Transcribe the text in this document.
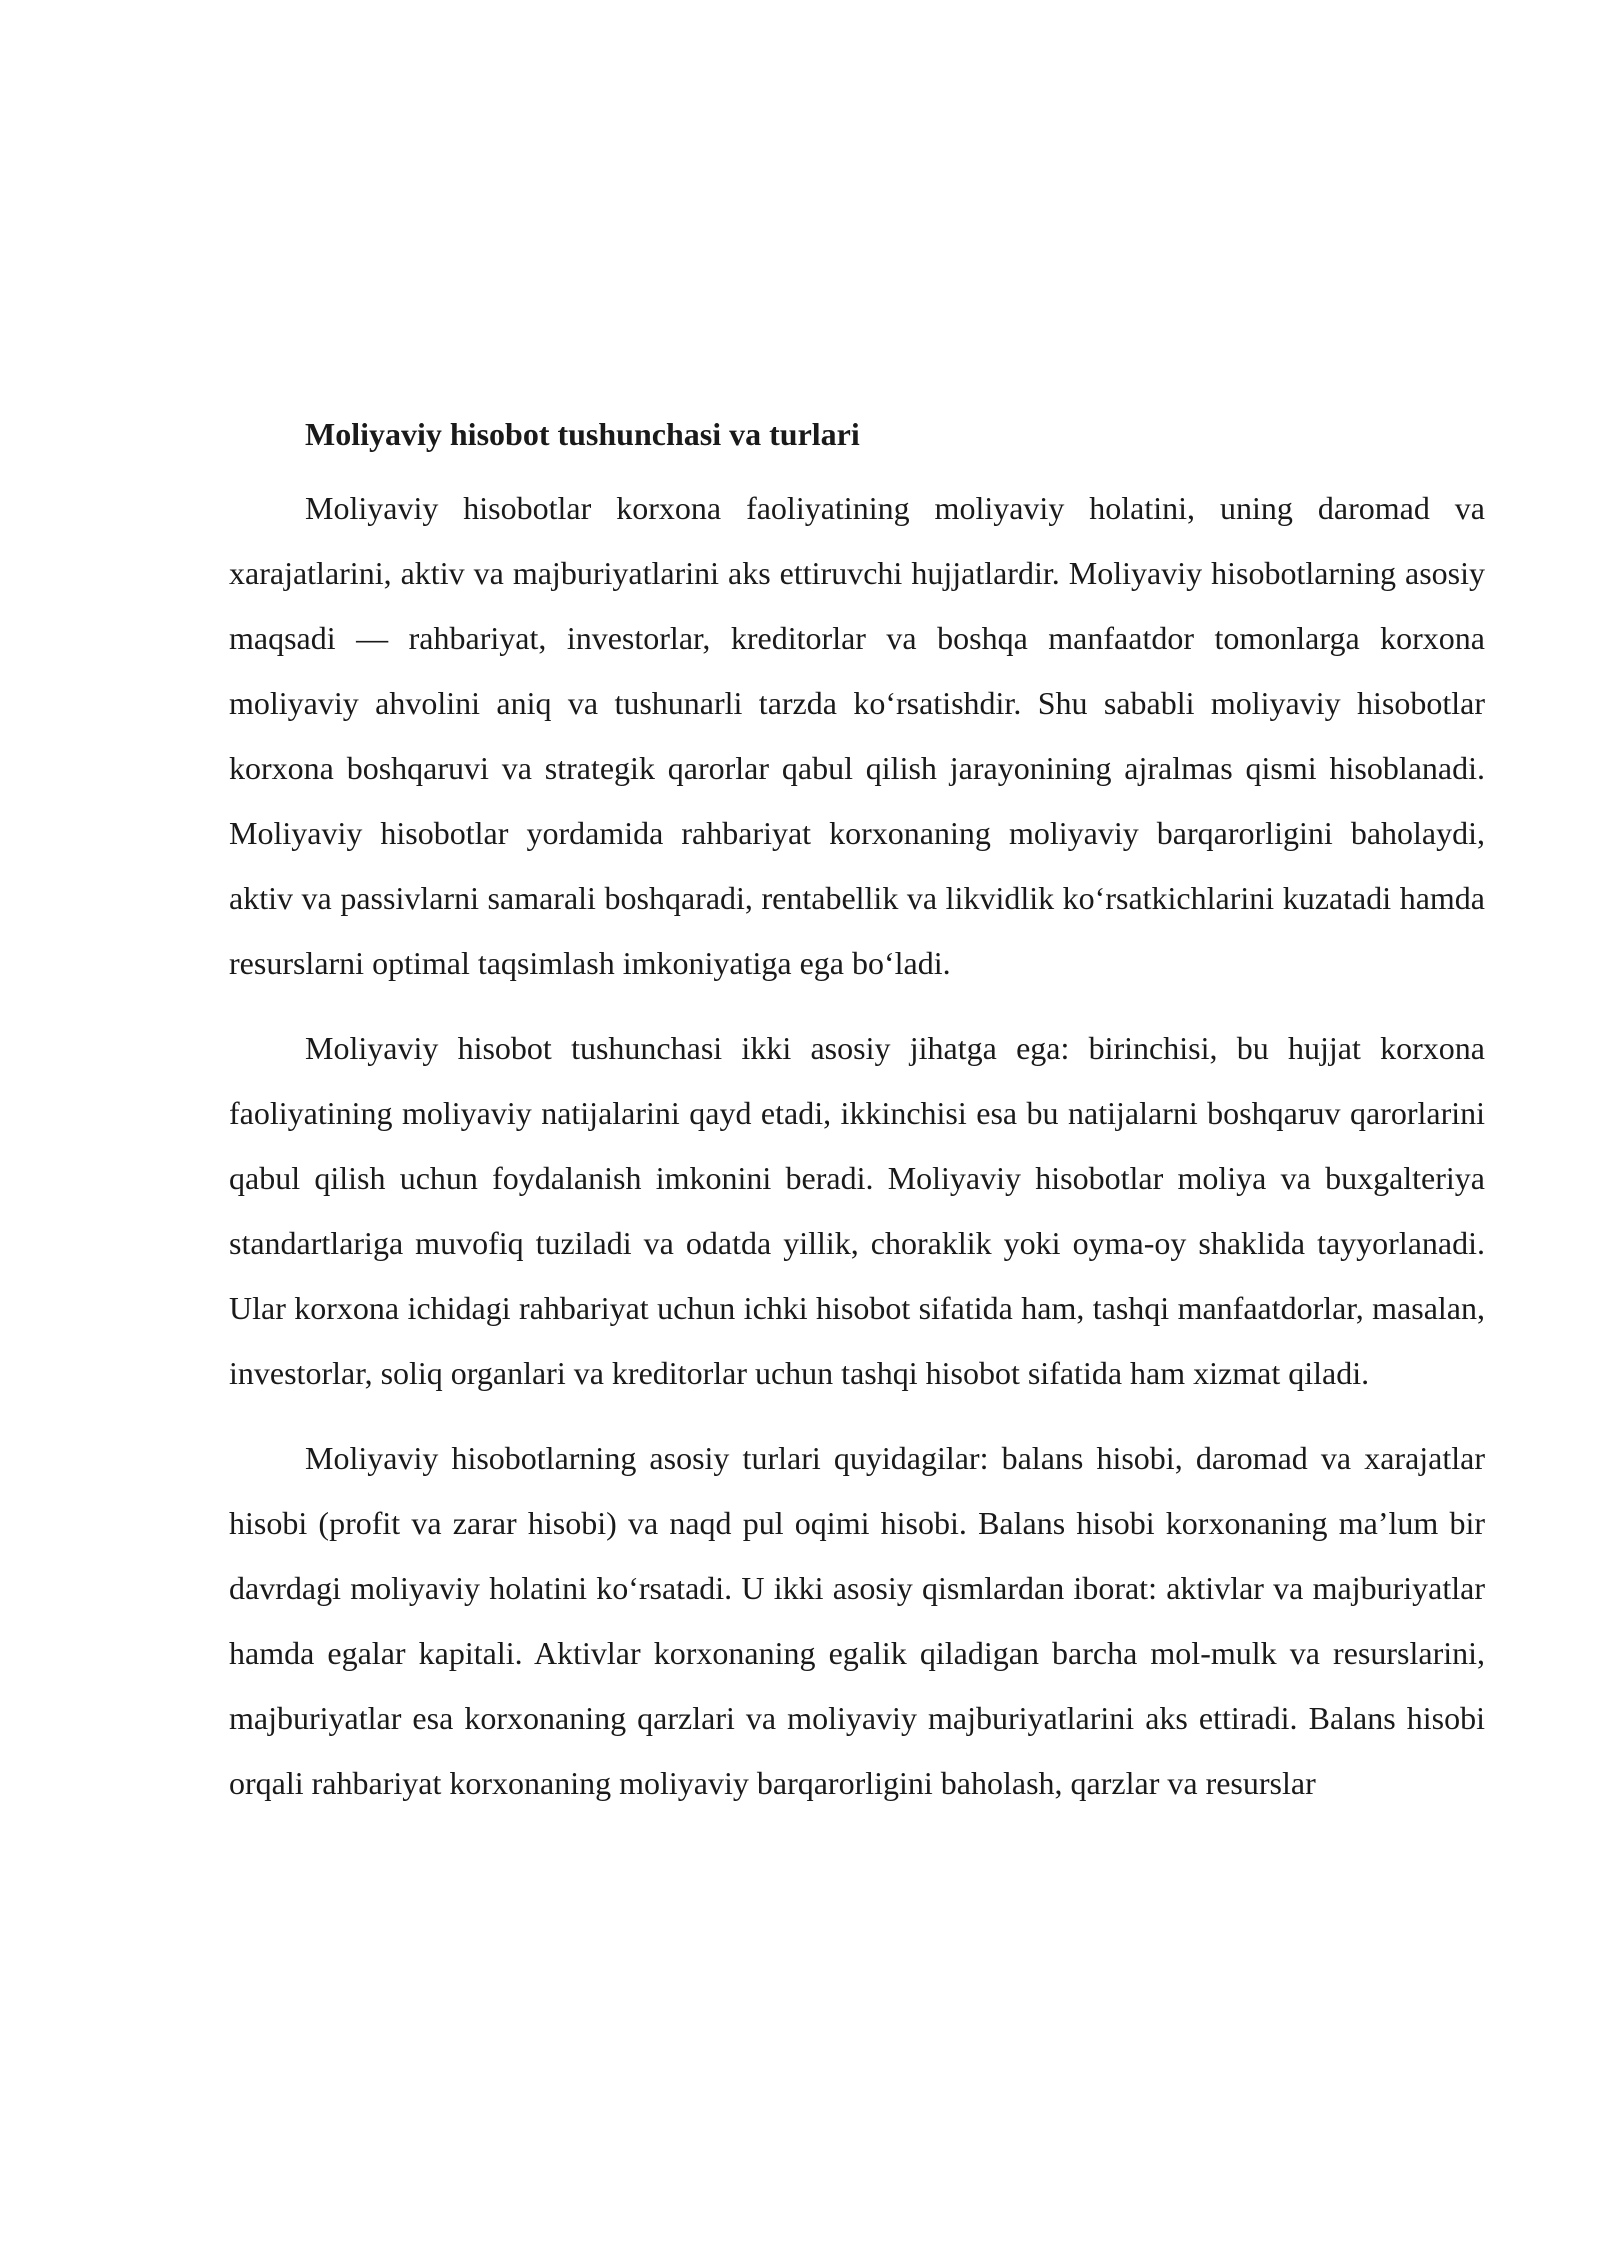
Moliyaviy hisobot tushunchasi va turlari

Moliyaviy hisobotlar korxona faoliyatining moliyaviy holatini, uning daromad va xarajatlarini, aktiv va majburiyatlarini aks ettiruvchi hujjatlardir. Moliyaviy hisobotlarning asosiy maqsadi — rahbariyat, investorlar, kreditorlar va boshqa manfaatdor tomonlarga korxona moliyaviy ahvolini aniq va tushunarli tarzda ko‘rsatishdir. Shu sababli moliyaviy hisobotlar korxona boshqaruvi va strategik qarorlar qabul qilish jarayonining ajralmas qismi hisoblanadi. Moliyaviy hisobotlar yordamida rahbariyat korxonaning moliyaviy barqarorligini baholaydi, aktiv va passivlarni samarali boshqaradi, rentabellik va likvidlik ko‘rsatkichlarini kuzatadi hamda resurslarni optimal taqsimlash imkoniyatiga ega bo‘ladi.

Moliyaviy hisobot tushunchasi ikki asosiy jihatga ega: birinchisi, bu hujjat korxona faoliyatining moliyaviy natijalarini qayd etadi, ikkinchisi esa bu natijalarni boshqaruv qarorlarini qabul qilish uchun foydalanish imkonini beradi. Moliyaviy hisobotlar moliya va buxgalteriya standartlariga muvofiq tuziladi va odatda yillik, choraklik yoki oyma-oy shaklida tayyorlanadi. Ular korxona ichidagi rahbariyat uchun ichki hisobot sifatida ham, tashqi manfaatdorlar, masalan, investorlar, soliq organlari va kreditorlar uchun tashqi hisobot sifatida ham xizmat qiladi.

Moliyaviy hisobotlarning asosiy turlari quyidagilar: balans hisobi, daromad va xarajatlar hisobi (profit va zarar hisobi) va naqd pul oqimi hisobi. Balans hisobi korxonaning ma’lum bir davrdagi moliyaviy holatini ko‘rsatadi. U ikki asosiy qismlardan iborat: aktivlar va majburiyatlar hamda egalar kapitali. Aktivlar korxonaning egalik qiladigan barcha mol-mulk va resurslarini, majburiyatlar esa korxonaning qarzlari va moliyaviy majburiyatlarini aks ettiradi. Balans hisobi orqali rahbariyat korxonaning moliyaviy barqarorligini baholash, qarzlar va resurslar
